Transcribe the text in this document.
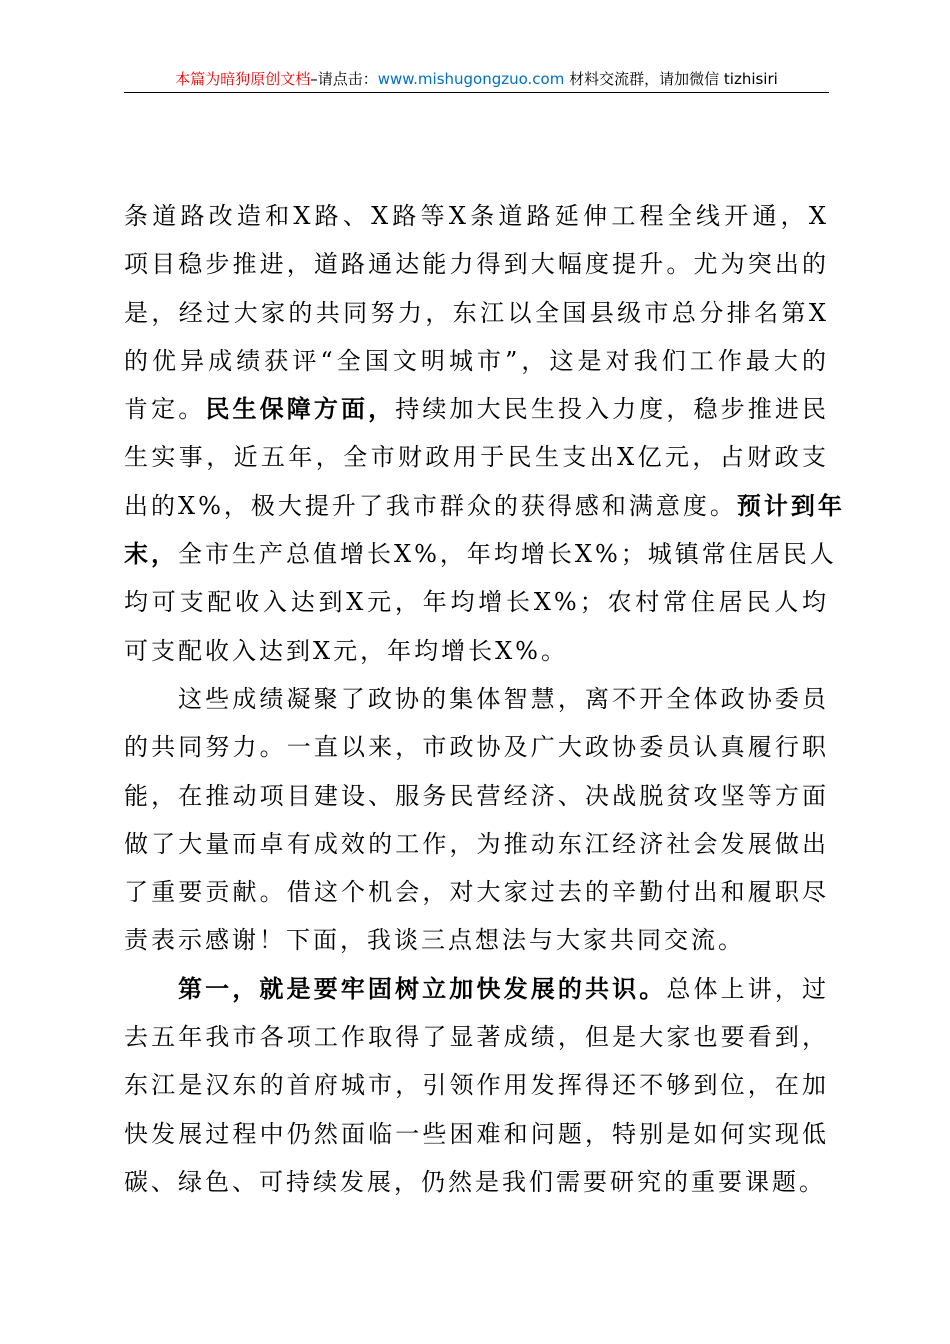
本篇为暗狗原创文档–请点击：www.mishugongzuo.com 材料交流群，请加微信 tizhisiri
条道路改造和X路、X路等X条道路延伸工程全线开通，X
项目稳步推进，道路通达能力得到大幅度提升。尤为突出的
是，经过大家的共同努力，东江以全国县级市总分排名第X
的优异成绩获评“全国文明城市”，这是对我们工作最大的
肯定。民生保障方面，持续加大民生投入力度，稳步推进民
生实事，近五年，全市财政用于民生支出X亿元，占财政支
出的X%，极大提升了我市群众的获得感和满意度。预计到年
末，全市生产总值增长X%，年均增长X%；城镇常住居民人
均可支配收入达到X元，年均增长X%；农村常住居民人均
可支配收入达到X元，年均增长X%。
这些成绩凝聚了政协的集体智慧，离不开全体政协委员
的共同努力。一直以来，市政协及广大政协委员认真履行职
能，在推动项目建设、服务民营经济、决战脱贫攻坚等方面
做了大量而卓有成效的工作，为推动东江经济社会发展做出
了重要贡献。借这个机会，对大家过去的辛勤付出和履职尽
责表示感谢！下面，我谈三点想法与大家共同交流。
第一，就是要牢固树立加快发展的共识。总体上讲，过
去五年我市各项工作取得了显著成绩，但是大家也要看到，
东江是汉东的首府城市，引领作用发挥得还不够到位，在加
快发展过程中仍然面临一些困难和问题，特别是如何实现低
碳、绿色、可持续发展，仍然是我们需要研究的重要课题。
